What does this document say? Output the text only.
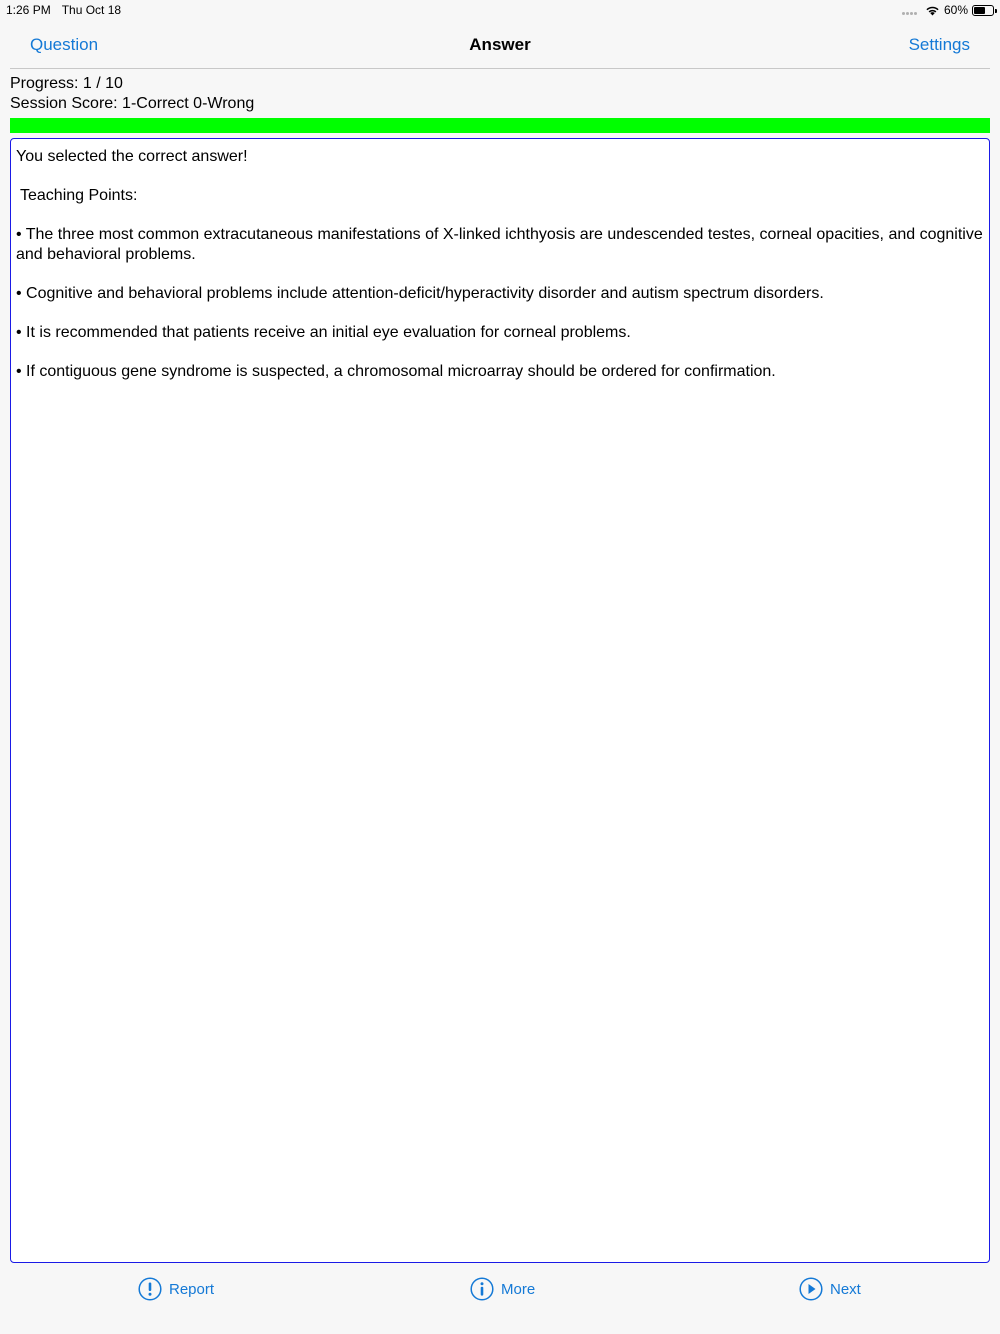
1:26 PM Thu Oct 18	60%
Question	Answer	Settings
Progress: 1 / 10
Session Score: 1-Correct 0-Wrong

You selected the correct answer!

Teaching Points:

• The three most common extracutaneous manifestations of X-linked ichthyosis are undescended testes, corneal opacities, and cognitive and behavioral problems.

• Cognitive and behavioral problems include attention-deficit/hyperactivity disorder and autism spectrum disorders.

• It is recommended that patients receive an initial eye evaluation for corneal problems.

• If contiguous gene syndrome is suspected, a chromosomal microarray should be ordered for confirmation.

Report	More	Next
